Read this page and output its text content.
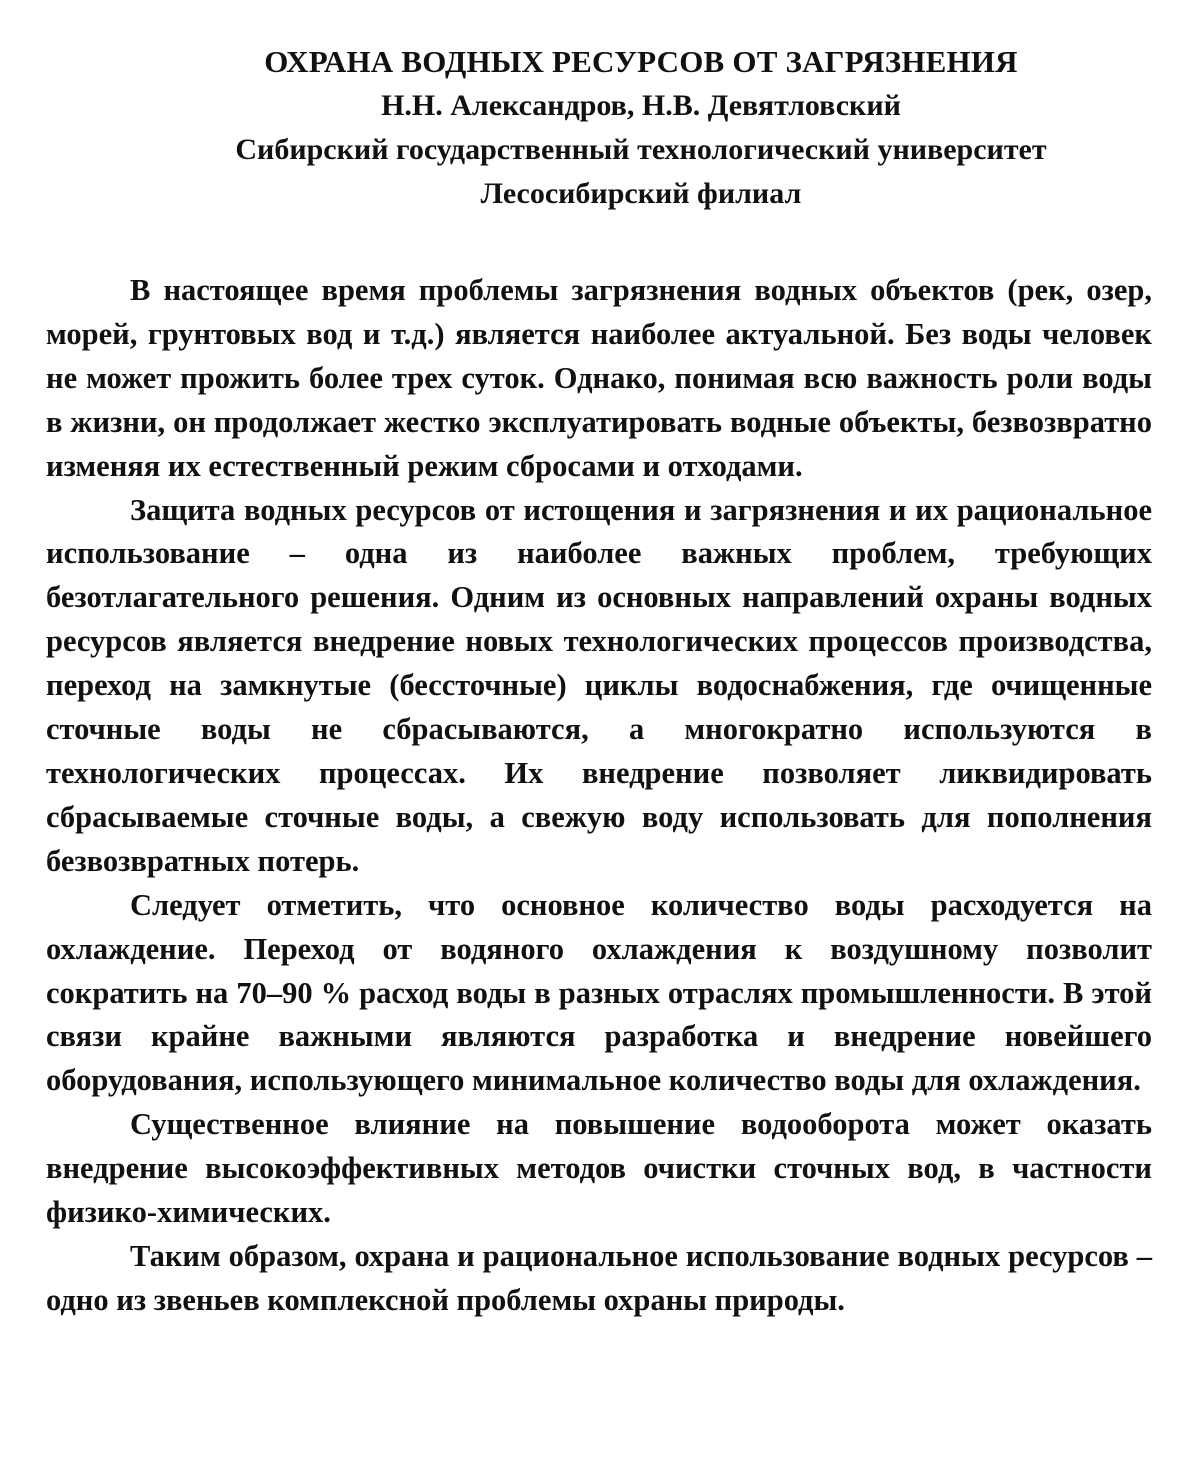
ОХРАНА ВОДНЫХ РЕСУРСОВ ОТ ЗАГРЯЗНЕНИЯ

Н.Н. Александров, Н.В. Девятловский

Сибирский государственный технологический университет

Лесосибирский филиал

В настоящее время проблемы загрязнения водных объектов (рек, озер, морей, грунтовых вод и т.д.) является наиболее актуальной. Без воды человек не может прожить более трех суток. Однако, понимая всю важность роли воды в жизни, он продолжает жестко эксплуатировать водные объекты, безвозвратно изменяя их естественный режим сбросами и отходами.

Защита водных ресурсов от истощения и загрязнения и их рациональное использование – одна из наиболее важных проблем, требующих безотлагательного решения. Одним из основных направлений охраны водных ресурсов является внедрение новых технологических процессов производства, переход на замкнутые (бессточные) циклы водоснабжения, где очищенные сточные воды не сбрасываются, а многократно используются в технологических процессах. Их внедрение позволяет ликвидировать сбрасываемые сточные воды, а свежую воду использовать для пополнения безвозвратных потерь.

Следует отметить, что основное количество воды расходуется на охлаждение. Переход от водяного охлаждения к воздушному позволит сократить на 70–90 % расход воды в разных отраслях промышленности. В этой связи крайне важными являются разработка и внедрение новейшего оборудования, использующего минимальное количество воды для охлаждения.

Существенное влияние на повышение водооборота может оказать внедрение высокоэффективных методов очистки сточных вод, в частности физико-химических.

Таким образом, охрана и рациональное использование водных ресурсов – одно из звеньев комплексной проблемы охраны природы.
